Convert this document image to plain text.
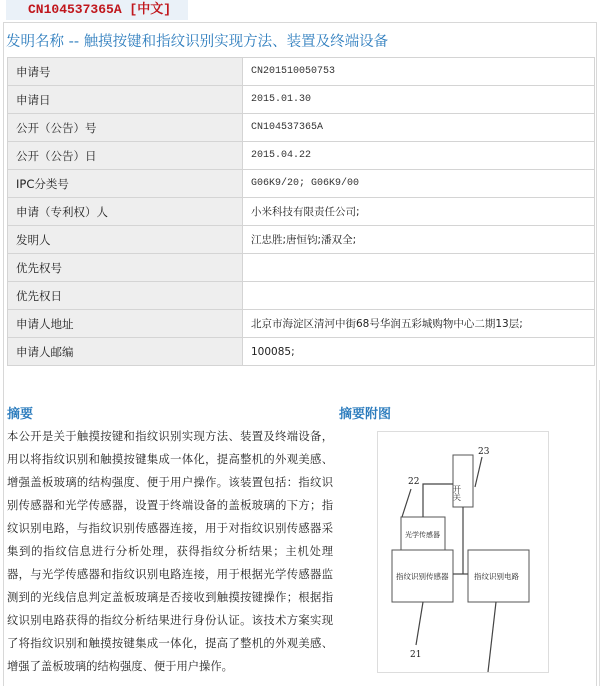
CN104537365A [中文]
发明名称 -- 触摸按键和指纹识别实现方法、装置及终端设备
申请号	CN201510050753
申请日	2015.01.30
公开（公告）号	CN104537365A
公开（公告）日	2015.04.22
IPC分类号	G06K9/20; G06K9/00
申请（专利权）人	小米科技有限责任公司;
发明人	江忠胜;唐恒钧;潘双全;
优先权号	
优先权日	
申请人地址	北京市海淀区清河中街68号华润五彩城购物中心二期13层;
申请人邮编	100085;
摘要
本公开是关于触摸按键和指纹识别实现方法、装置及终端设备，用以将指纹识别和触摸按键集成一体化，提高整机的外观美感、增强盖板玻璃的结构强度、便于用户操作。该装置包括：指纹识别传感器和光学传感器，设置于终端设备的盖板玻璃的下方；指纹识别电路，与指纹识别传感器连接，用于对指纹识别传感器采集到的指纹信息进行分析处理，获得指纹分析结果；主机处理器，与光学传感器和指纹识别电路连接，用于根据光学传感器监测到的光线信息判定盖板玻璃是否接收到触摸按键操作；根据指纹识别电路获得的指纹分析结果进行身份认证。该技术方案实现了将指纹识别和触摸按键集成一体化，提高了整机的外观美感、增强了盖板玻璃的结构强度、便于用户操作。
摘要附图
开关
光学传感器
指纹识别传感器	指纹识别电路
23
22
21
